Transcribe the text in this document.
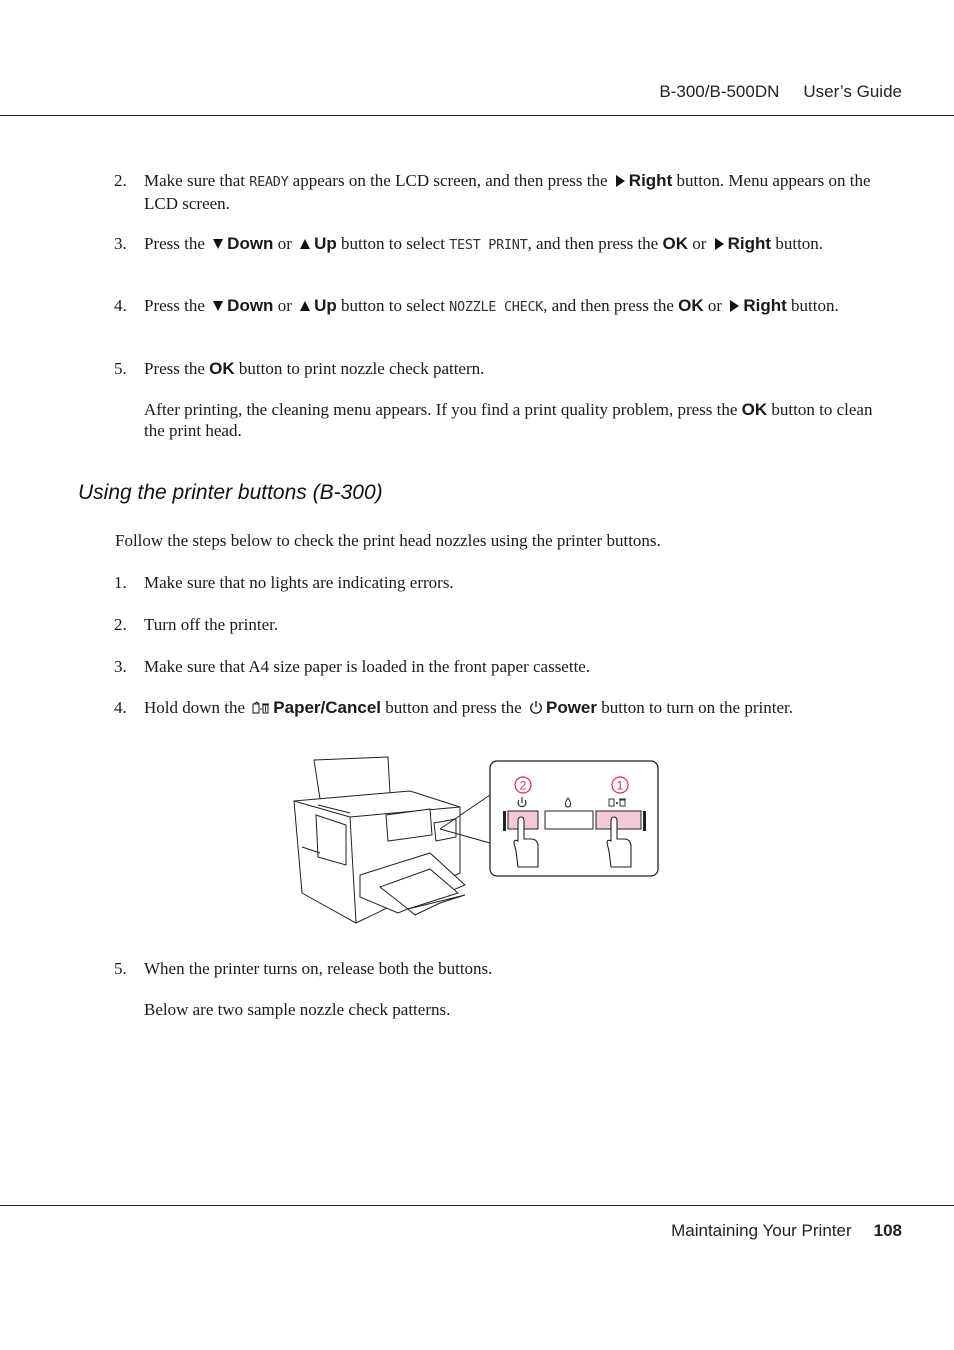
B-300/B-500DN User’s Guide
2. Make sure that READY appears on the LCD screen, and then press the Right button. Menu appears on the LCD screen.
3. Press the Down or Up button to select TEST PRINT, and then press the OK or Right button.
4. Press the Down or Up button to select NOZZLE CHECK, and then press the OK or Right button.
5. Press the OK button to print nozzle check pattern.
After printing, the cleaning menu appears. If you find a print quality problem, press the OK button to clean the print head.
Using the printer buttons (B-300)
Follow the steps below to check the print head nozzles using the printer buttons.
1. Make sure that no lights are indicating errors.
2. Turn off the printer.
3. Make sure that A4 size paper is loaded in the front paper cassette.
4. Hold down the Paper/Cancel button and press the Power button to turn on the printer.
2	1
5. When the printer turns on, release both the buttons.
Below are two sample nozzle check patterns.
Maintaining Your Printer 108
